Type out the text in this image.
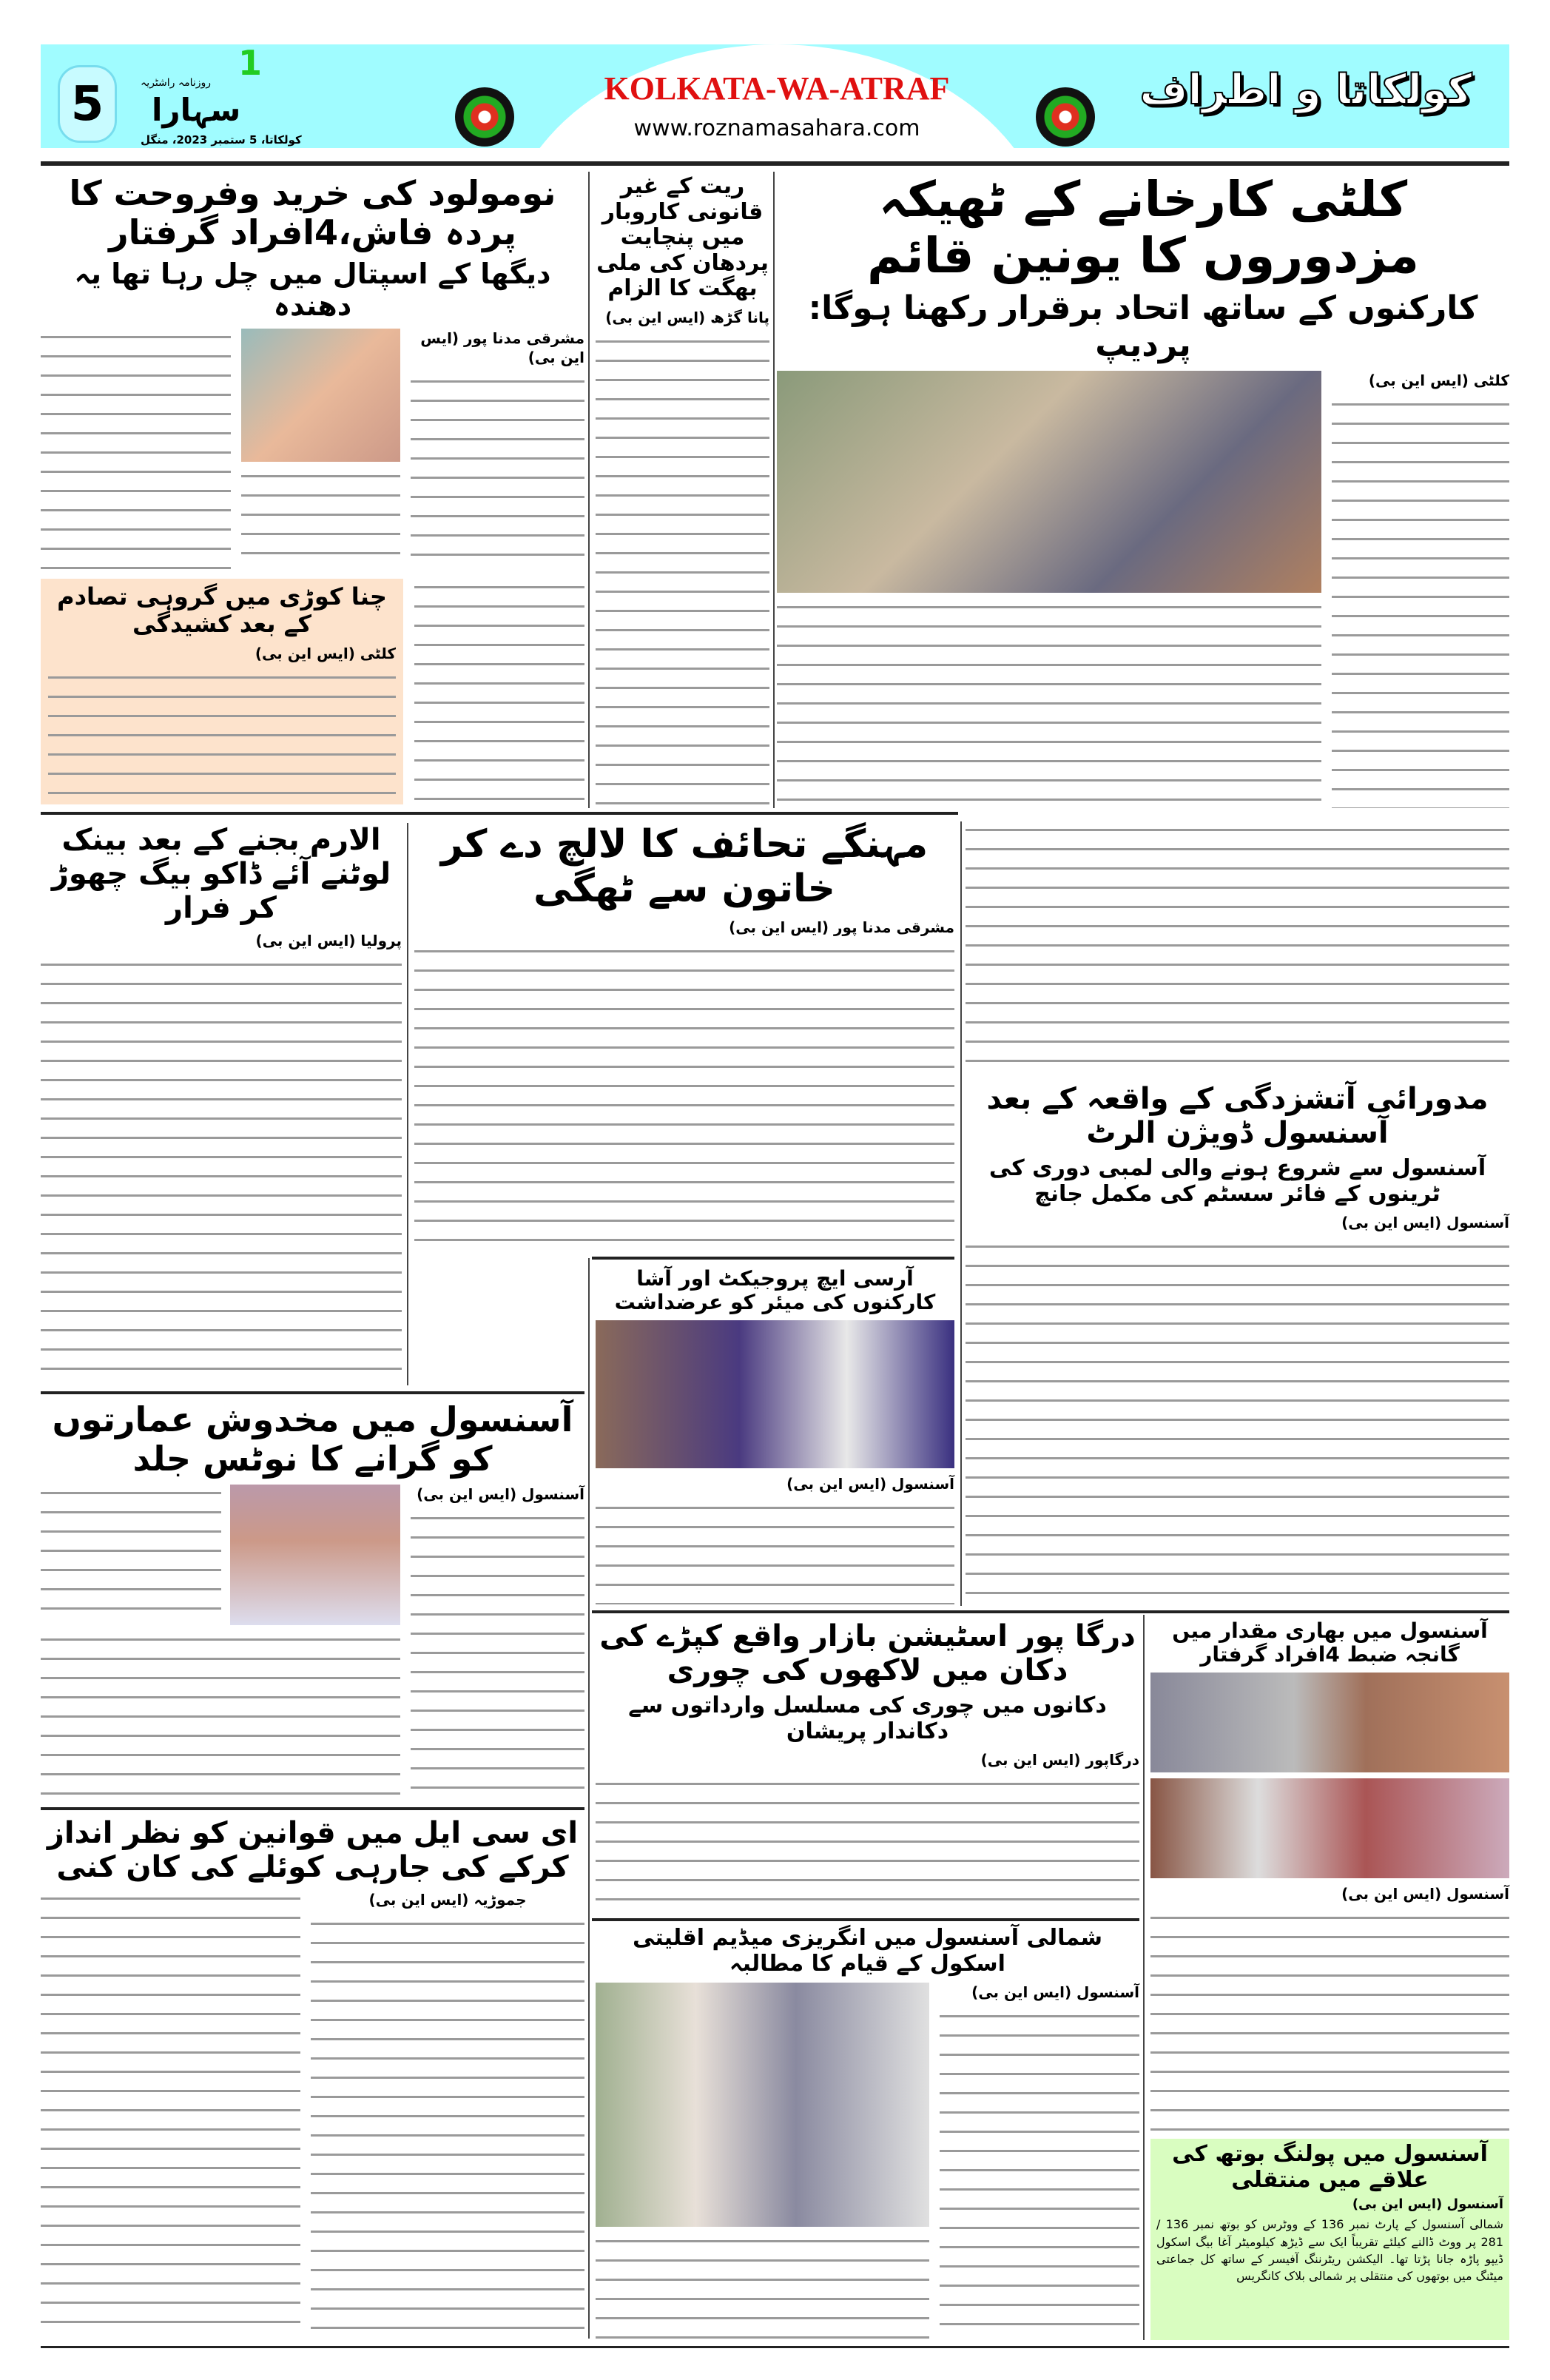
5
1
روزنامہ راشٹریہ
سہارا
کولکاتا، 5 ستمبر 2023، منگل
KOLKATA-WA-ATRAF
www.roznamasahara.com
کولکاتا و اطراف
کلٹی کارخانے کے ٹھیکہ مزدوروں کا یونین قائم
کارکنوں کے ساتھ اتحاد برقرار رکھنا ہوگا: پردیپ
کلٹی (ایس این بی)
ریت کے غیر قانونی کاروبار میں پنچایت پردھان کی ملی بھگت کا الزام
پانا گڑھ (ایس این بی)
نومولود کی خرید وفروحت کا پردہ فاش،4افراد گرفتار
دیگھا کے اسپتال میں چل رہا تھا یہ دھندہ
مشرقی مدنا پور (ایس این بی)
چنا کوڑی میں گروہی تصادم کے بعد کشیدگی
کلٹی (ایس این بی)
الارم بجنے کے بعد بینک لوٹنے آئے ڈاکو بیگ چھوڑ کر فرار
پرولیا (ایس این بی)
مہنگے تحائف کا لالچ دے کر خاتون سے ٹھگی
مشرقی مدنا پور (ایس این بی)
مدورائی آتشزدگی کے واقعہ کے بعد آسنسول ڈویژن الرٹ
آسنسول سے شروع ہونے والی لمبی دوری کی ٹرینوں کے فائر سسٹم کی مکمل جانچ
آسنسول (ایس این بی)
آرسی ایچ پروجیکٹ اور آشا کارکنوں کی میئر کو عرضداشت
آسنسول (ایس این بی)
آسنسول میں مخدوش عمارتوں کو گرانے کا نوٹس جلد
آسنسول (ایس این بی)
درگا پور اسٹیشن بازار واقع کپڑے کی دکان میں لاکھوں کی چوری
دکانوں میں چوری کی مسلسل وارداتوں سے دکاندار پریشان
درگاپور (ایس این بی)
آسنسول میں بھاری مقدار میں گانجہ ضبط 4افراد گرفتار
آسنسول (ایس این بی)
ای سی ایل میں قوانین کو نظر انداز کرکے کی جارہی کوئلے کی کان کنی
جموڑیہ (ایس این بی)
شمالی آسنسول میں انگریزی میڈیم اقلیتی اسکول کے قیام کا مطالبہ
آسنسول (ایس این بی)
آسنسول میں پولنگ بوتھ کی علاقے میں منتقلی
آسنسول (ایس این بی)
شمالی آسنسول کے پارٹ نمبر 136 کے ووٹرس کو بوتھ نمبر 136 / 281 پر ووٹ ڈالنے کیلئے تقریباً ایک سے ڈیڑھ کیلومیٹر آغا بیگ اسکول ڈیپو پاڑہ جانا پڑتا تھا۔ الیکشن ریٹرننگ آفیسر کے ساتھ کل جماعتی میٹنگ میں بوتھوں کی منتقلی پر شمالی بلاک کانگریس
